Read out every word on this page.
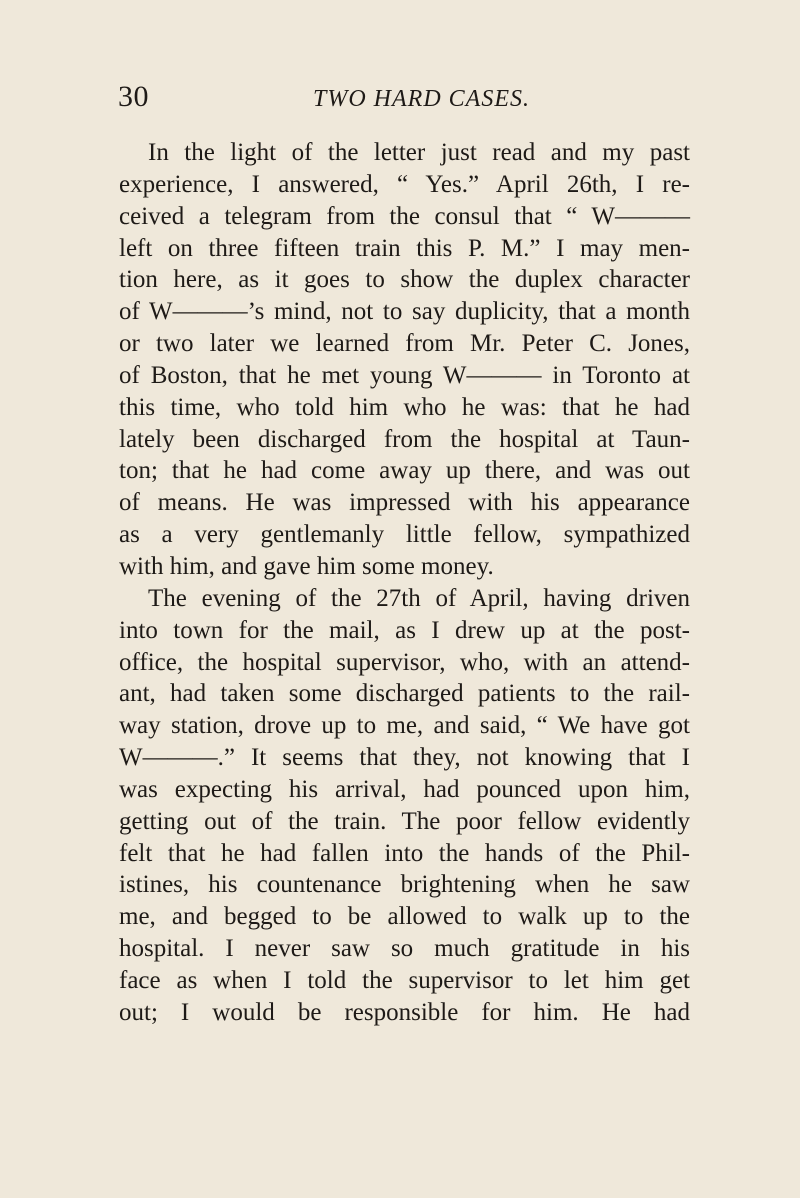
30	TWO HARD CASES.
In the light of the letter just read and my past
experience, I answered, “ Yes.” April 26th, I re-
ceived a telegram from the consul that “ W———
left on three fifteen train this P. M.” I may men-
tion here, as it goes to show the duplex character
of W———’s mind, not to say duplicity, that a month
or two later we learned from Mr. Peter C. Jones,
of Boston, that he met young W——— in Toronto at
this time, who told him who he was: that he had
lately been discharged from the hospital at Taun-
ton; that he had come away up there, and was out
of means. He was impressed with his appearance
as a very gentlemanly little fellow, sympathized
with him, and gave him some money.
The evening of the 27th of April, having driven
into town for the mail, as I drew up at the post-
office, the hospital supervisor, who, with an attend-
ant, had taken some discharged patients to the rail-
way station, drove up to me, and said, “ We have got
W———.” It seems that they, not knowing that I
was expecting his arrival, had pounced upon him,
getting out of the train. The poor fellow evidently
felt that he had fallen into the hands of the Phil-
istines, his countenance brightening when he saw
me, and begged to be allowed to walk up to the
hospital. I never saw so much gratitude in his
face as when I told the supervisor to let him get
out; I would be responsible for him. He had
